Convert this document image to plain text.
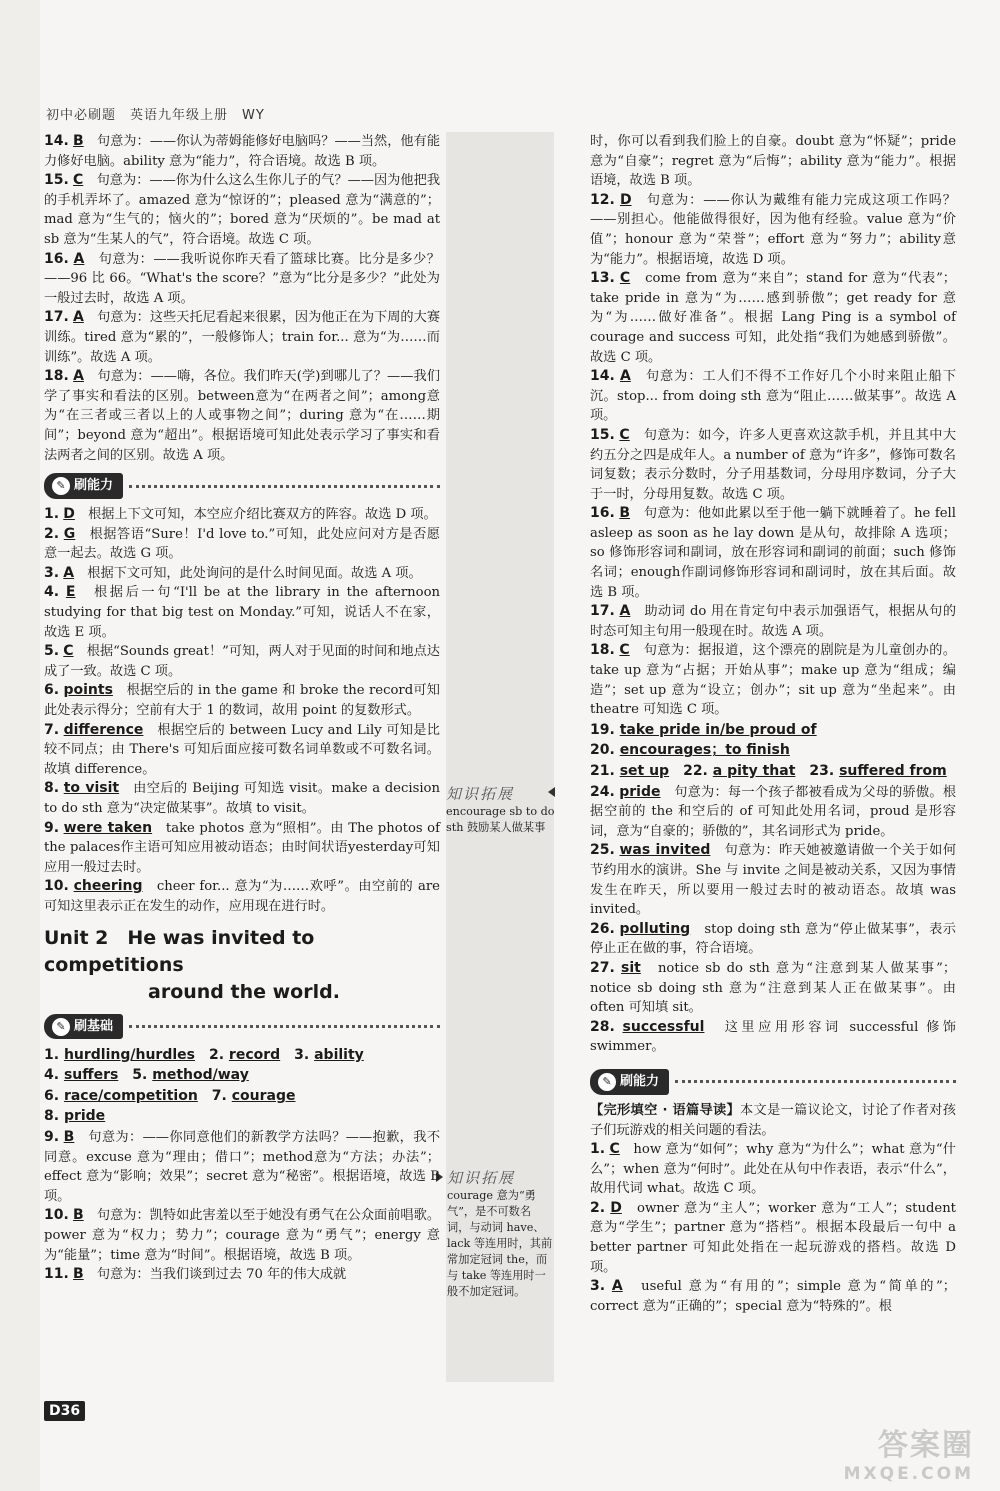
初中必刷题　英语九年级上册　WY
知识拓展
encourage sb to do sth 鼓励某人做某事
知识拓展
courage 意为“勇气”，是不可数名词，与动词 have、lack 等连用时，其前常加定冠词 the，而与 take 等连用时一般不加定冠词。

14. B　 句意为：——你认为蒂姆能修好电脑吗？——当然，他有能力修好电脑。ability 意为“能力”，符合语境。故选 B 项。

15. C　 句意为：——你为什么这么生你儿子的气？——因为他把我的手机弄坏了。amazed 意为“惊讶的”；pleased 意为“满意的”；mad 意为“生气的；恼火的”；bored 意为“厌烦的”。be mad at sb 意为“生某人的气”，符合语境。故选 C 项。

16. A　 句意为：——我听说你昨天看了篮球比赛。比分是多少？——96 比 66。“What's the score？”意为“比分是多少？”此处为一般过去时，故选 A 项。

17. A　 句意为：这些天托尼看起来很累，因为他正在为下周的大赛训练。tired 意为“累的”，一般修饰人；train for... 意为“为……而训练”。故选 A 项。

18. A　 句意为：——嗨，各位。我们昨天(学)到哪儿了？——我们学了事实和看法的区别。between意为“在两者之间”；among意为“在三者或三者以上的人或事物之间”；during 意为“在……期间”；beyond 意为“超出”。根据语境可知此处表示学习了事实和看法两者之间的区别。故选 A 项。

✎ 刷能力

1. D　 根据上下文可知，本空应介绍比赛双方的阵容。故选 D 项。

2. G　 根据答语“Sure！I'd love to.”可知，此处应问对方是否愿意一起去。故选 G 项。

3. A　 根据下文可知，此处询问的是什么时间见面。故选 A 项。

4. E　 根据后一句“I'll be at the library in the afternoon studying for that big test on Monday.”可知，说话人不在家，故选 E 项。

5. C　 根据“Sounds great！”可知，两人对于见面的时间和地点达成了一致。故选 C 项。

6. points　 根据空后的 in the game 和 broke the record可知此处表示得分；空前有大于 1 的数词，故用 point 的复数形式。

7. difference　 根据空后的 between Lucy and Lily 可知是比较不同点；由 There's 可知后面应接可数名词单数或不可数名词。故填 difference。

8. to visit　 由空后的 Beijing 可知选 visit。make a decision to do sth 意为“决定做某事”。故填 to visit。

9. were taken　 take photos 意为“照相”。由 The photos of the palaces作主语可知应用被动语态；由时间状语yesterday可知应用一般过去时。

10. cheering　 cheer for... 意为“为……欢呼”。由空前的 are 可知这里表示正在发生的动作，应用现在进行时。

Unit 2　He was invited to competitions
around the world.
✎ 刷基础
1. hurdling/hurdles　2. record　3. ability
4. suffers　5. method/way
6. race/competition　7. courage
8. pride

9. B　 句意为：——你同意他们的新教学方法吗？——抱歉，我不同意。excuse 意为“理由；借口”；method意为“方法；办法”；effect 意为“影响；效果”；secret 意为“秘密”。根据语境，故选 B 项。

10. B　 句意为：凯特如此害羞以至于她没有勇气在公众面前唱歌。power 意为“权力；势力”；courage 意为“勇气”；energy 意为“能量”；time 意为“时间”。根据语境，故选 B 项。

11. B　 句意为：当我们谈到过去 70 年的伟大成就

时，你可以看到我们脸上的自豪。doubt 意为“怀疑”；pride 意为“自豪”；regret 意为“后悔”；ability 意为“能力”。根据语境，故选 B 项。

12. D　 句意为：——你认为戴维有能力完成这项工作吗？——别担心。他能做得很好，因为他有经验。value 意为“价值”；honour 意为“荣誉”；effort 意为“努力”；ability意为“能力”。根据语境，故选 D 项。

13. C　 come from 意为“来自”；stand for 意为“代表”；take pride in 意为“为……感到骄傲”；get ready for 意为“为……做好准备”。根据 Lang Ping is a symbol of courage and success 可知，此处指“我们为她感到骄傲”。故选 C 项。

14. A　 句意为：工人们不得不工作好几个小时来阻止船下沉。stop... from doing sth 意为“阻止……做某事”。故选 A 项。

15. C　 句意为：如今，许多人更喜欢这款手机，并且其中大约五分之四是成年人。a number of 意为“许多”，修饰可数名词复数；表示分数时，分子用基数词，分母用序数词，分子大于一时，分母用复数。故选 C 项。

16. B　 句意为：他如此累以至于他一躺下就睡着了。he fell asleep as soon as he lay down 是从句，故排除 A 选项；so 修饰形容词和副词，放在形容词和副词的前面；such 修饰名词；enough作副词修饰形容词和副词时，放在其后面。故选 B 项。

17. A　 助动词 do 用在肯定句中表示加强语气，根据从句的时态可知主句用一般现在时。故选 A 项。

18. C　 句意为：据报道，这个漂亮的剧院是为儿童创办的。take up 意为“占据；开始从事”；make up 意为“组成；编造”；set up 意为“设立；创办”；sit up 意为“坐起来”。由 theatre 可知选 C 项。

19. take pride in/be proud of
20. encourages；to finish
21. set up　22. a pity that　23. suffered from

24. pride　 句意为：每一个孩子都被看成为父母的骄傲。根据空前的 the 和空后的 of 可知此处用名词，proud 是形容词，意为“自豪的；骄傲的”，其名词形式为 pride。

25. was invited　 句意为：昨天她被邀请做一个关于如何节约用水的演讲。She 与 invite 之间是被动关系，又因为事情发生在昨天，所以要用一般过去时的被动语态。故填 was invited。

26. polluting　 stop doing sth 意为“停止做某事”，表示停止正在做的事，符合语境。

27. sit　 notice sb do sth 意为“注意到某人做某事”；notice sb doing sth 意为“注意到某人正在做某事”。由 often 可知填 sit。

28. successful　 这里应用形容词 successful 修饰 swimmer。

✎ 刷能力

【完形填空 · 语篇导读】本文是一篇议论文，讨论了作者对孩子们玩游戏的相关问题的看法。

1. C　 how 意为“如何”；why 意为“为什么”；what 意为“什么”；when 意为“何时”。此处在从句中作表语，表示“什么”，故用代词 what。故选 C 项。

2. D　 owner 意为“主人”；worker 意为“工人”；student 意为“学生”；partner 意为“搭档”。根据本段最后一句中 a better partner 可知此处指在一起玩游戏的搭档。故选 D 项。

3. A　 useful 意为“有用的”；simple 意为“简单的”；correct 意为“正确的”；special 意为“特殊的”。根

D36
答案圈
MXQE.COM
